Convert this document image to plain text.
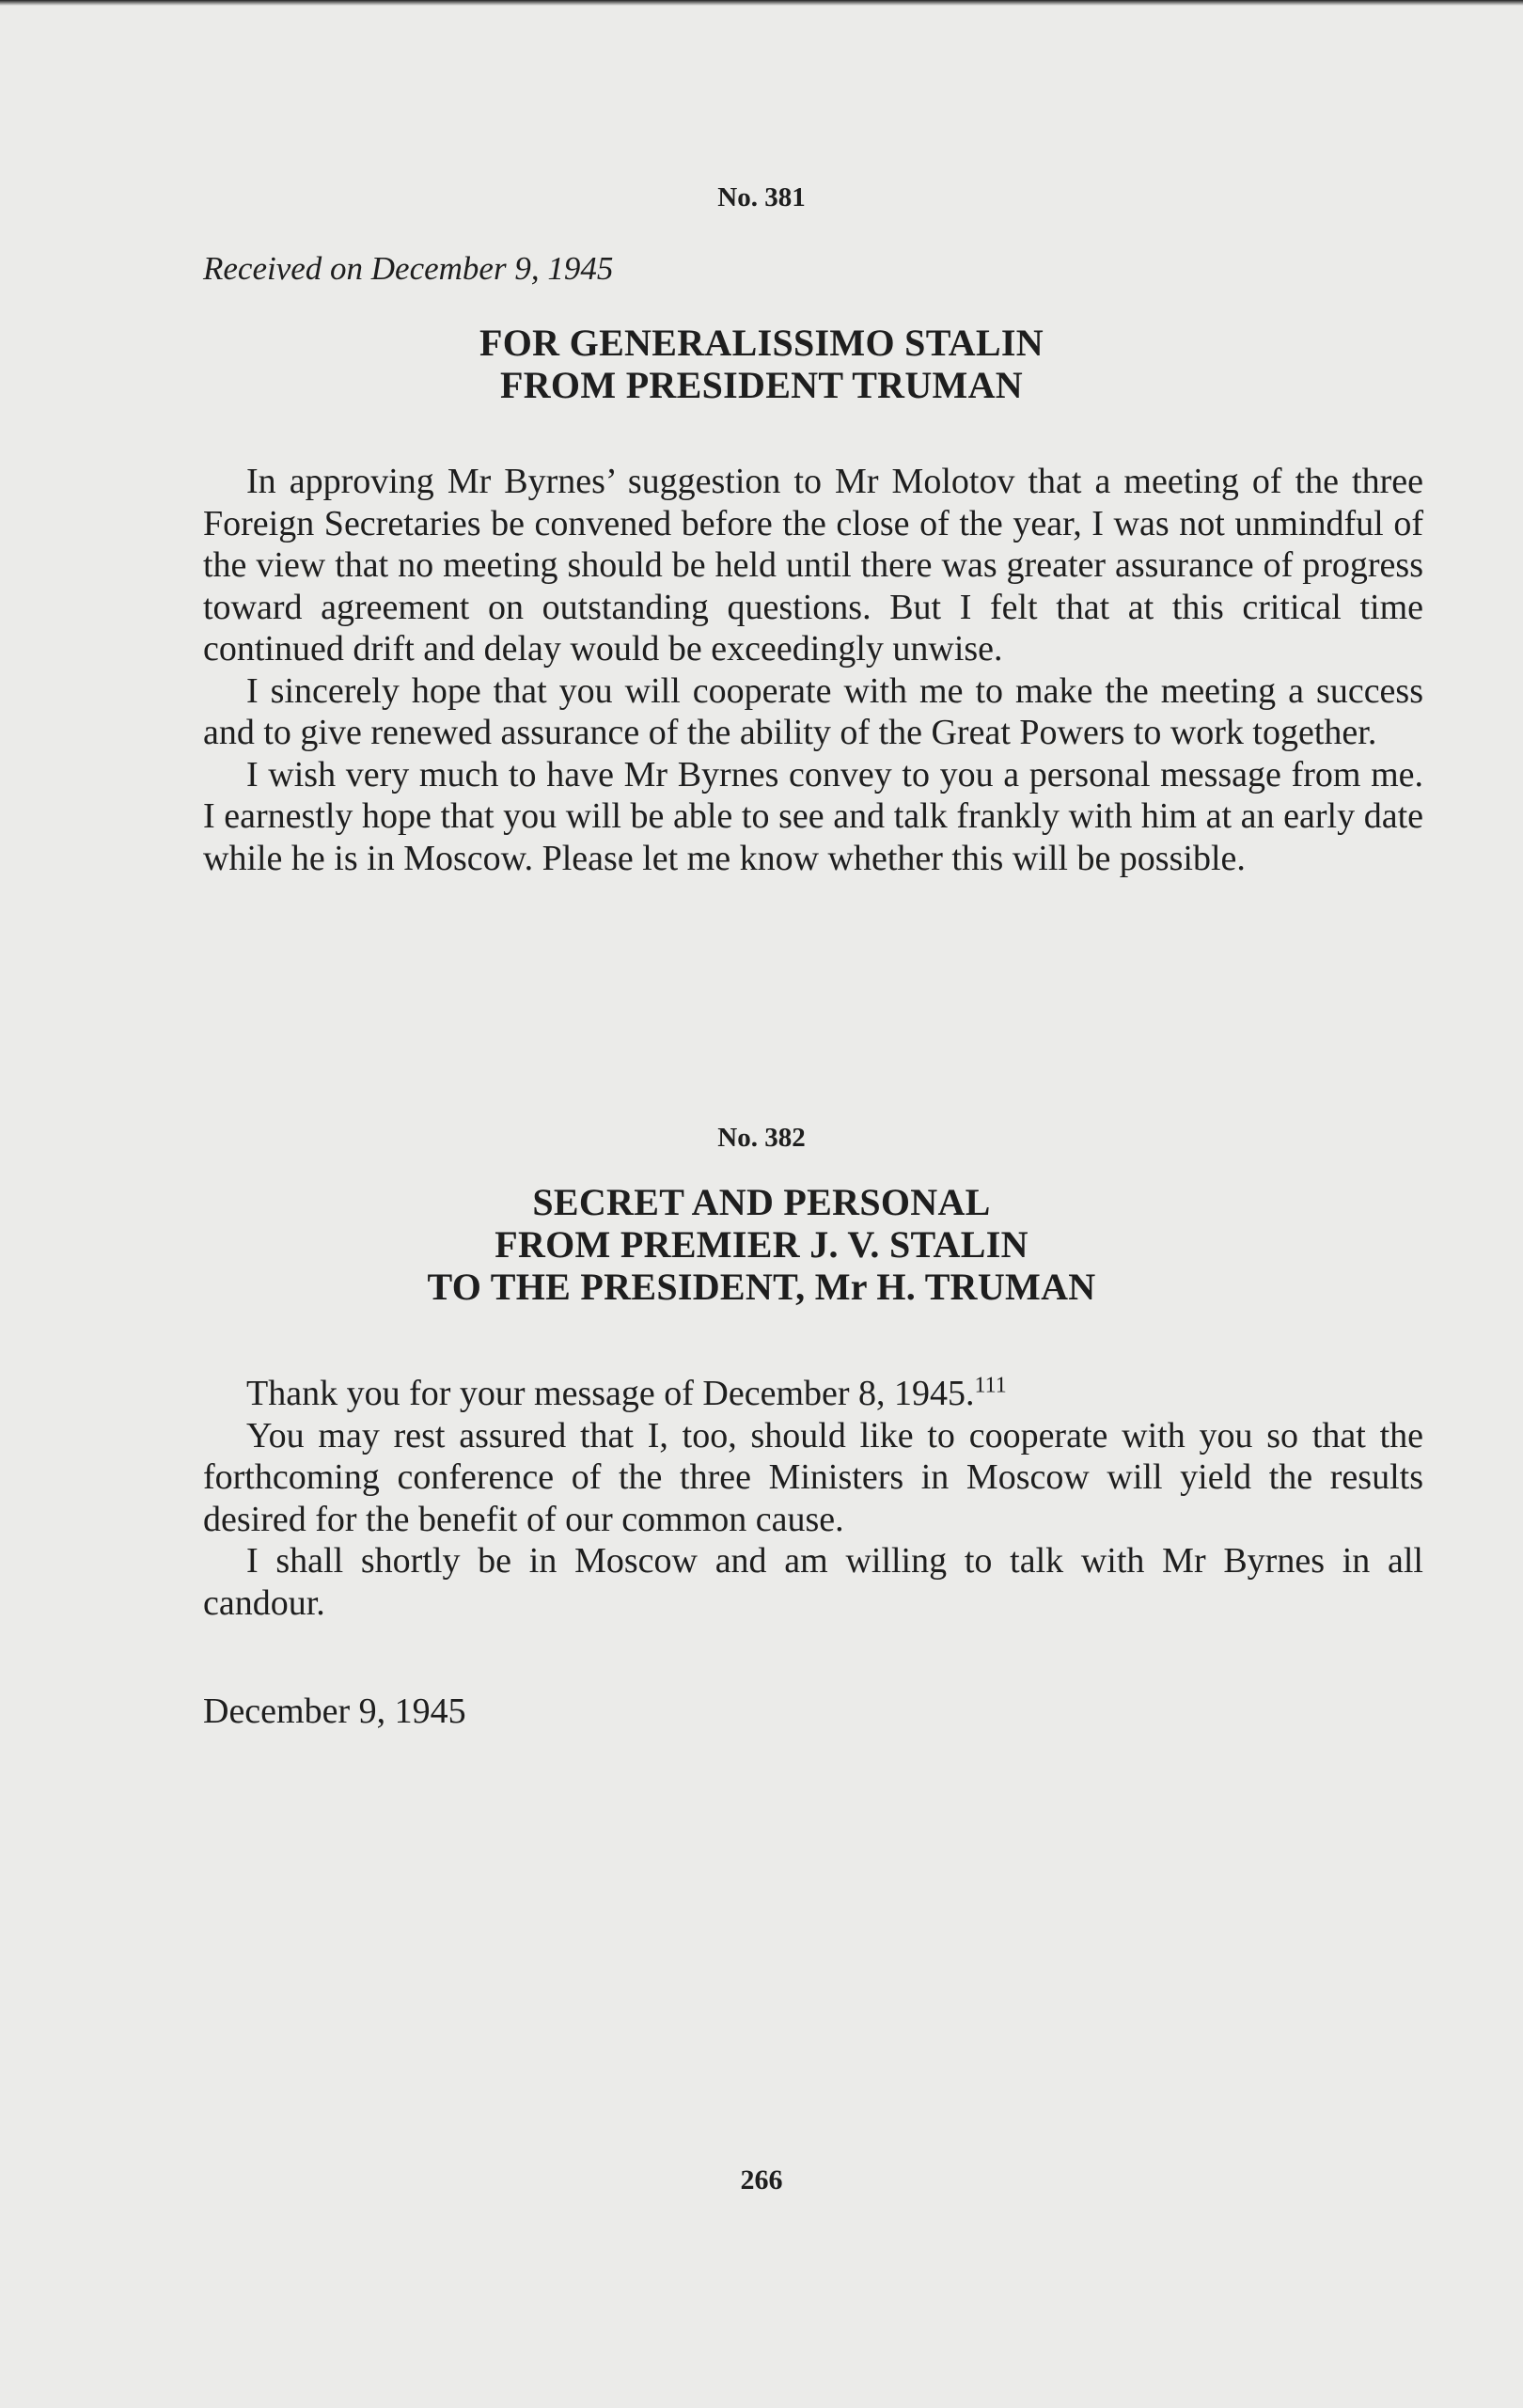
No. 381
Received on December 9, 1945
FOR GENERALISSIMO STALIN
FROM PRESIDENT TRUMAN

In approving Mr Byrnes’ suggestion to Mr Molotov that a meeting of the three Foreign Secretaries be convened before the close of the year, I was not unmindful of the view that no meeting should be held until there was greater assurance of progress toward agreement on outstanding questions. But I felt that at this critical time continued drift and delay would be exceedingly unwise.

I sincerely hope that you will cooperate with me to make the meeting a success and to give renewed assurance of the ability of the Great Powers to work together.

I wish very much to have Mr Byrnes convey to you a personal message from me. I earnestly hope that you will be able to see and talk frankly with him at an early date while he is in Moscow. Please let me know whether this will be possible.

No. 382
SECRET AND PERSONAL
FROM PREMIER J. V. STALIN
TO THE PRESIDENT, Mr H. TRUMAN

Thank you for your message of December 8, 1945.$^{111}$

You may rest assured that I, too, should like to cooperate with you so that the forthcoming conference of the three Ministers in Moscow will yield the results desired for the benefit of our common cause.

I shall shortly be in Moscow and am willing to talk with Mr Byrnes in all candour.

December 9, 1945
266
